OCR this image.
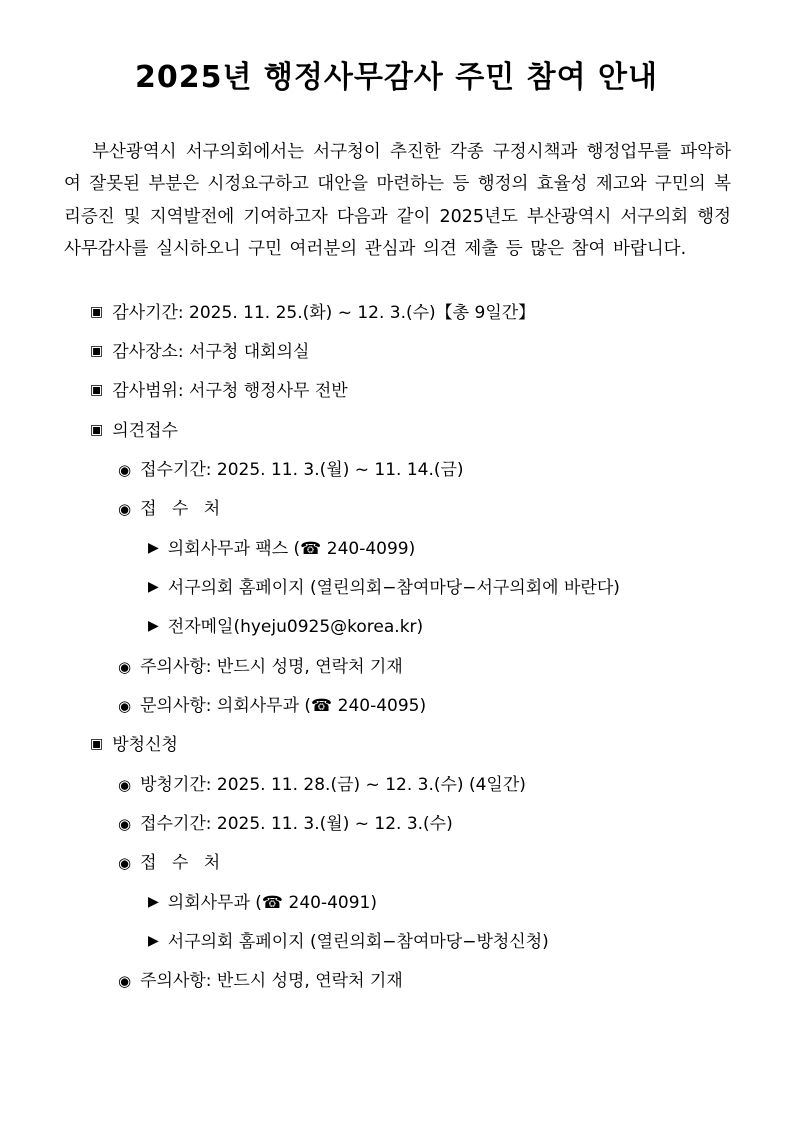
2025년 행정사무감사 주민 참여 안내

부산광역시 서구의회에서는 서구청이 추진한 각종 구정시책과 행정업무를 파악하여 잘못된 부분은 시정요구하고 대안을 마련하는 등 행정의 효율성 제고와 구민의 복리증진 및 지역발전에 기여하고자 다음과 같이 2025년도 부산광역시 서구의회 행정사무감사를 실시하오니 구민 여러분의 관심과 의견 제출 등 많은 참여 바랍니다.

▣ 감사기간: 2025. 11. 25.(화) ~ 12. 3.(수)【총 9일간】
▣ 감사장소: 서구청 대회의실
▣ 감사범위: 서구청 행정사무 전반
▣ 의견접수
◉ 접수기간: 2025. 11. 3.(월) ~ 11. 14.(금)
◉ 접 수 처
▶ 의회사무과 팩스 (☎ 240-4099)
▶ 서구의회 홈페이지 (열린의회−참여마당−서구의회에 바란다)
▶ 전자메일(hyeju0925@korea.kr)
◉ 주의사항: 반드시 성명, 연락처 기재
◉ 문의사항: 의회사무과 (☎ 240-4095)
▣ 방청신청
◉ 방청기간: 2025. 11. 28.(금) ~ 12. 3.(수) (4일간)
◉ 접수기간: 2025. 11. 3.(월) ~ 12. 3.(수)
◉ 접 수 처
▶ 의회사무과 (☎ 240-4091)
▶ 서구의회 홈페이지 (열린의회−참여마당−방청신청)
◉ 주의사항: 반드시 성명, 연락처 기재
